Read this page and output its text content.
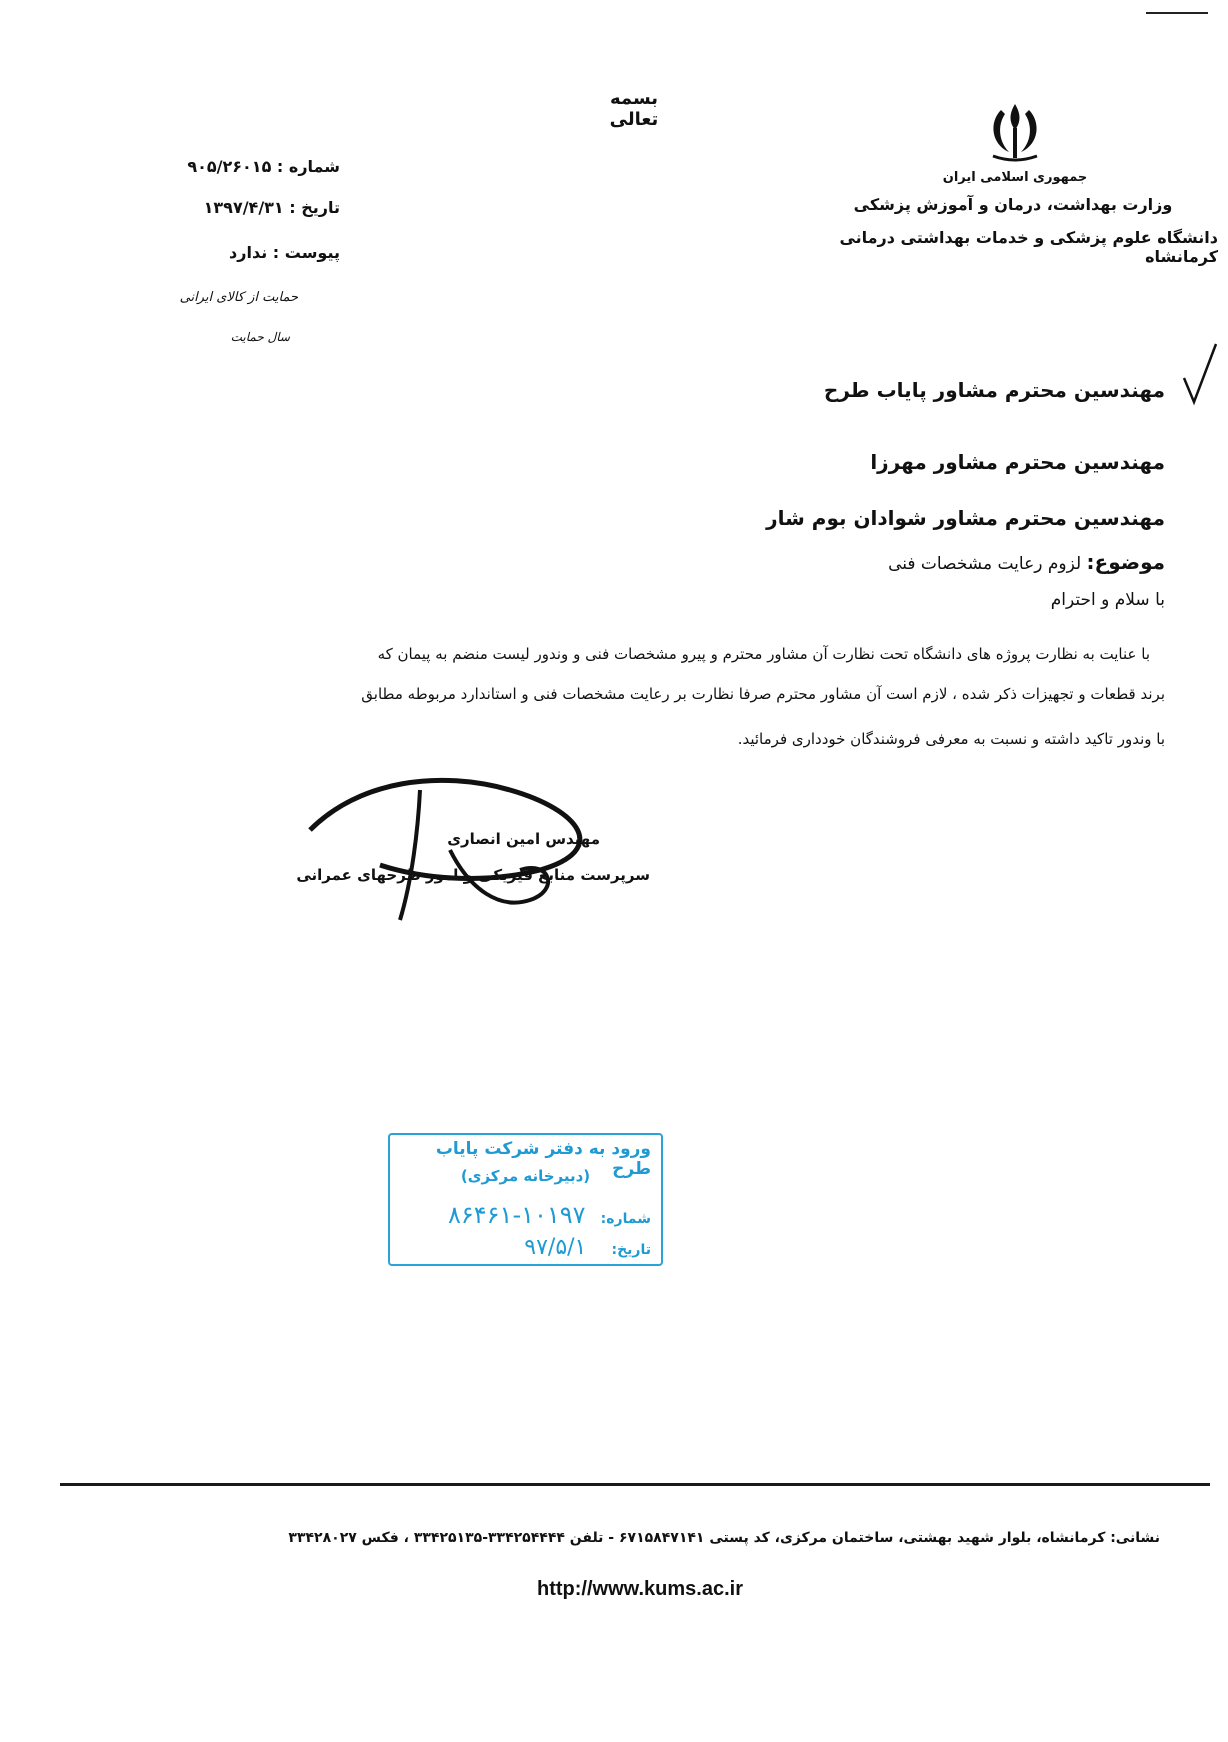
بسمه تعالی
جمهوری اسلامی ایران
وزارت بهداشت، درمان و آموزش پزشکی
دانشگاه علوم پزشکی و خدمات بهداشتی درمانی کرمانشاه
شماره : ۹۰۵/۲۶۰۱۵
تاریخ : ۱۳۹۷/۴/۳۱
پیوست : ندارد
حمایت از کالای ایرانی
سال حمایت
مهندسین محترم مشاور پایاب طرح
مهندسین محترم مشاور مهرزا
مهندسین محترم مشاور شوادان بوم شار
موضوع: لزوم رعایت مشخصات فنی
با سلام و احترام
با عنایت به نظارت پروژه های دانشگاه تحت نظارت آن مشاور محترم و پیرو مشخصات فنی و وندور لیست منضم به پیمان که
برند قطعات و تجهیزات ذکر شده ، لازم است آن مشاور محترم صرفا نظارت بر رعایت مشخصات فنی و استاندارد مربوطه مطابق
با وندور تاکید داشته و نسبت به معرفی فروشندگان خودداری فرمائید.
مهندس امین انصاری
سرپرست منابع فیزیکی و امور طرحهای عمرانی
ورود به دفتر شرکت پایاب طرح
(دبیرخانه مرکزی)
شماره: ۱۰۱۹۷-۸۶۴۶۱
تاریخ: ۹۷/۵/۱
نشانی: کرمانشاه، بلوار شهید بهشتی، ساختمان مرکزی، کد پستی ۶۷۱۵۸۴۷۱۴۱ - تلفن ۳۳۴۲۵۴۴۴۴-۳۳۴۲۵۱۳۵ ، فکس ۳۳۴۲۸۰۲۷
http://www.kums.ac.ir
